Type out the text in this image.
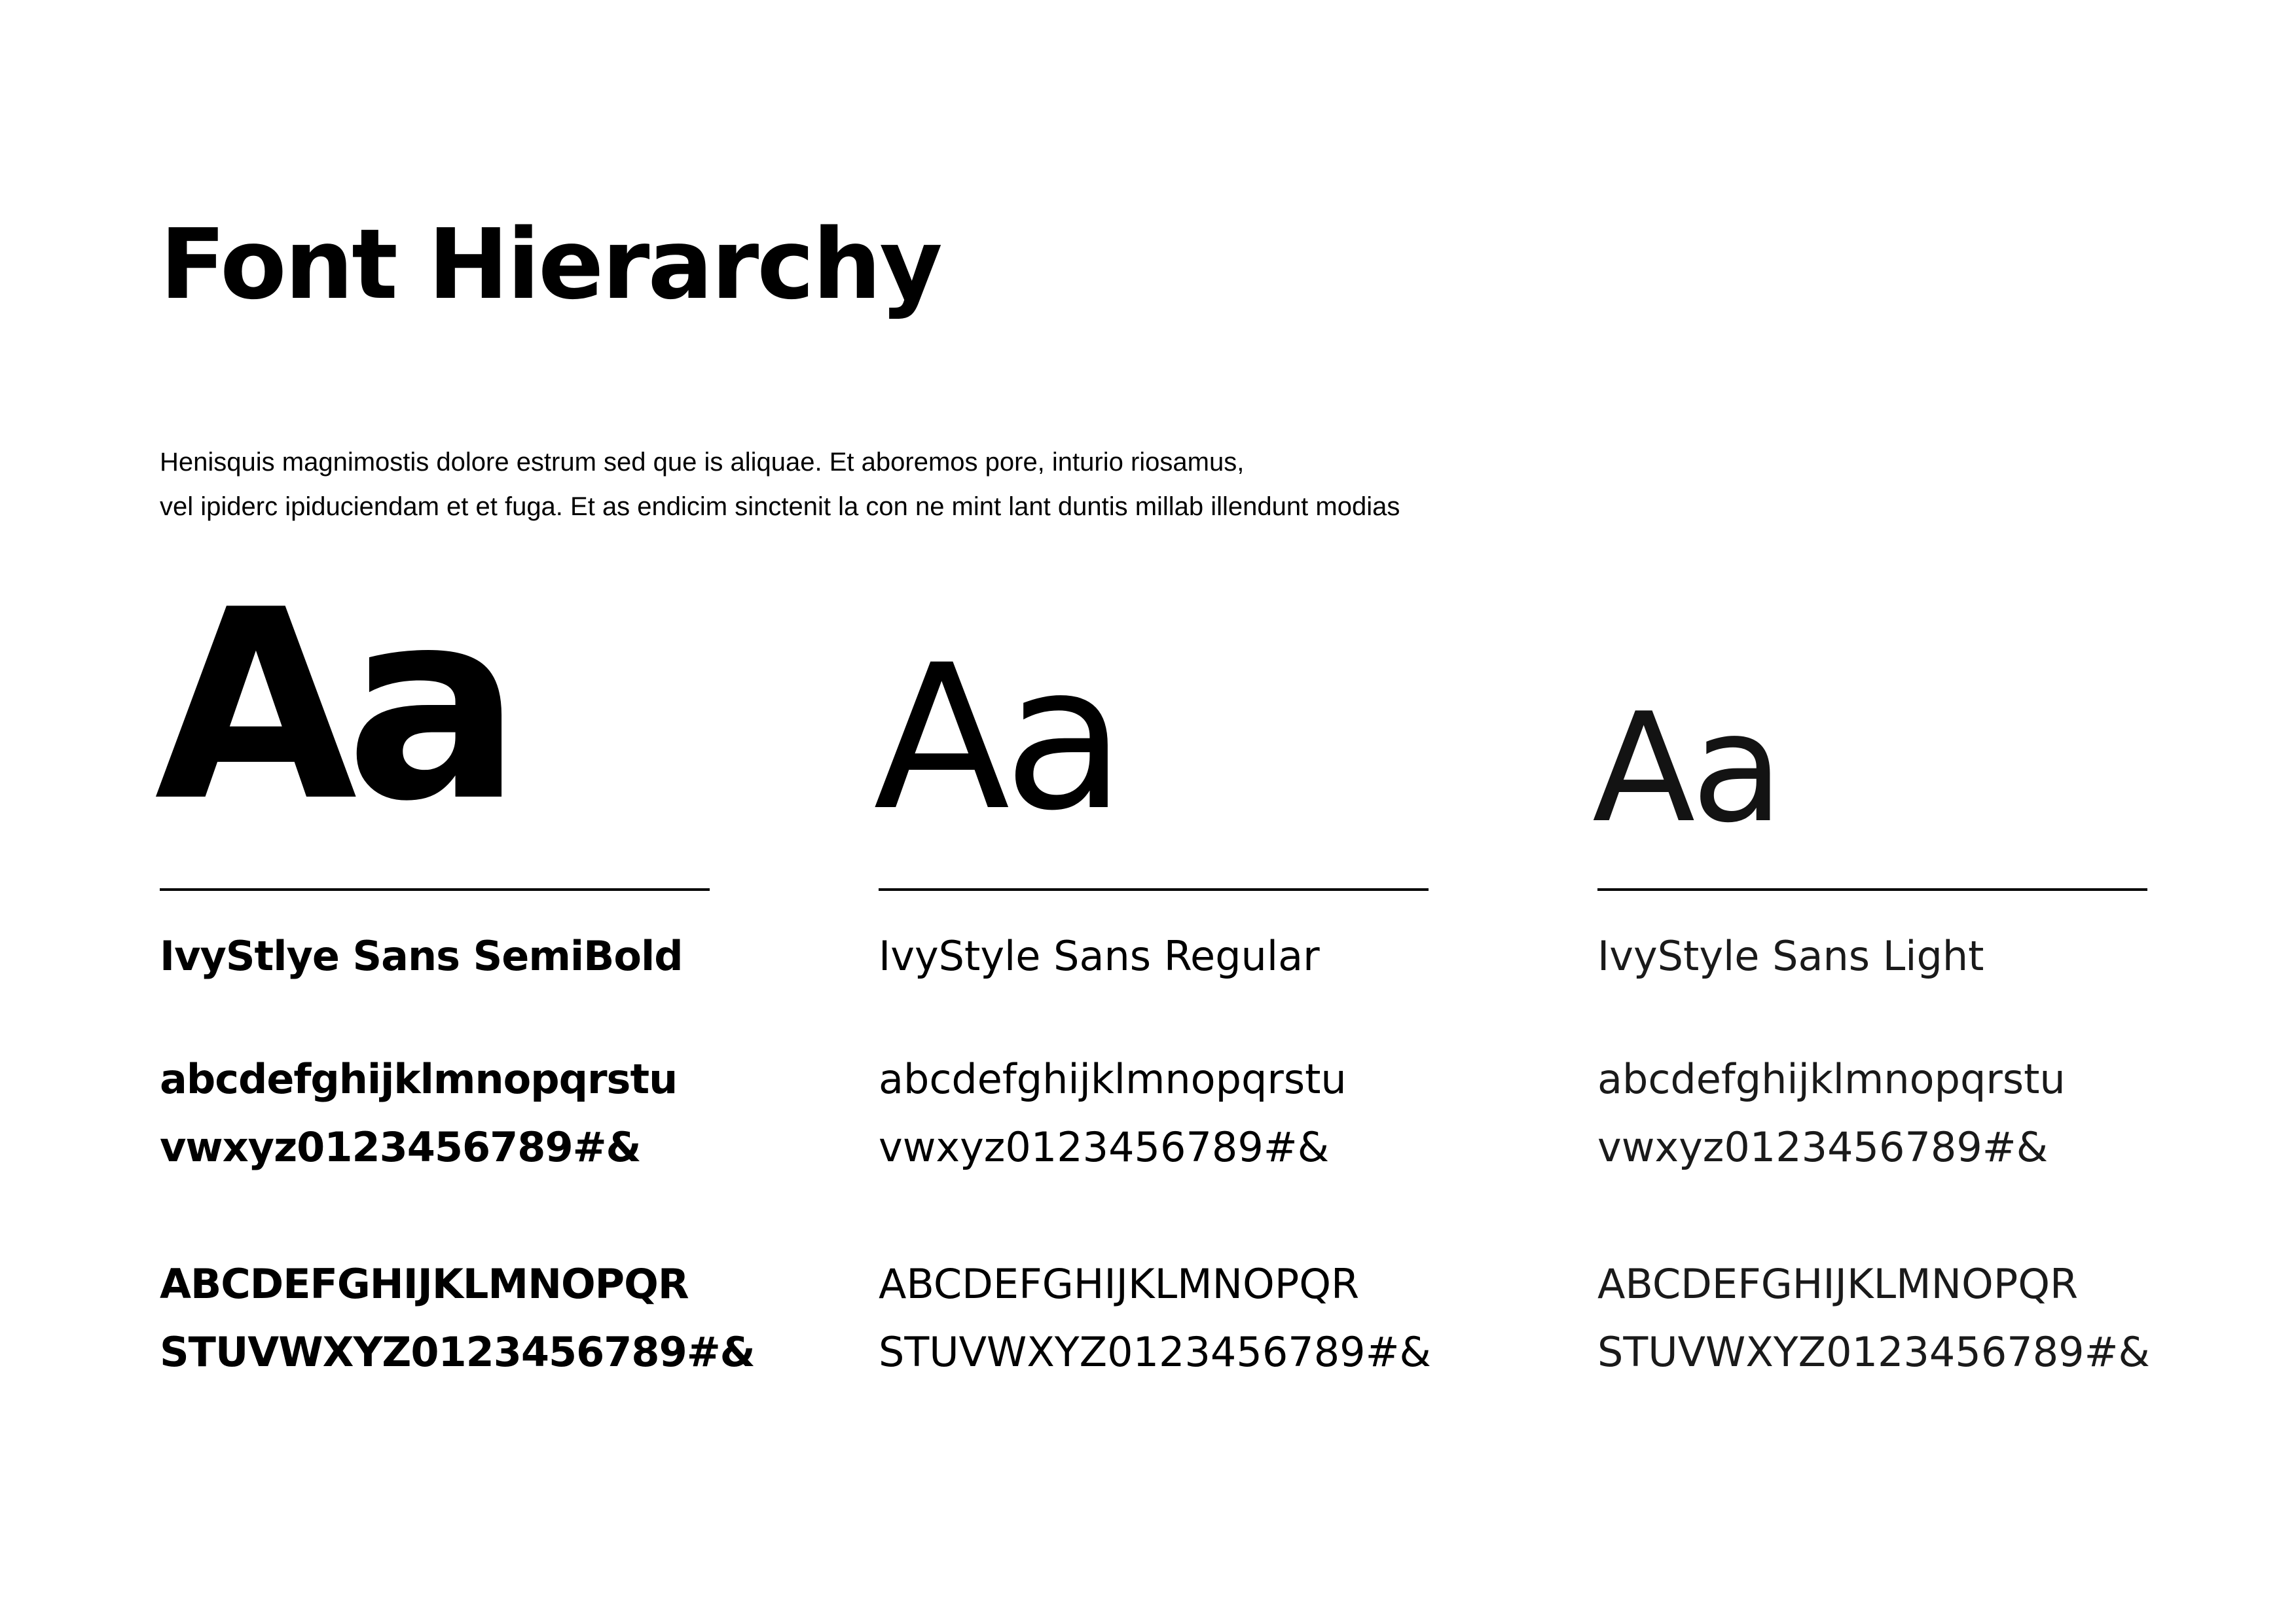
Font Hierarchy

Henisquis magnimostis dolore estrum sed que is aliquae. Et aboremos pore, inturio riosamus,
vel ipiderc ipiduciendam et et fuga. Et as endicim sinctenit la con ne mint lant duntis millab illendunt modias

Aa
IvyStlye Sans SemiBold
abcdefghijklmnopqrstu
vwxyz0123456789#&
ABCDEFGHIJKLMNOPQR
STUVWXYZ0123456789#&
Aa
IvyStyle Sans Regular
abcdefghijklmnopqrstu
vwxyz0123456789#&
ABCDEFGHIJKLMNOPQR
STUVWXYZ0123456789#&
Aa
IvyStyle Sans Light
abcdefghijklmnopqrstu
vwxyz0123456789#&
ABCDEFGHIJKLMNOPQR
STUVWXYZ0123456789#&
